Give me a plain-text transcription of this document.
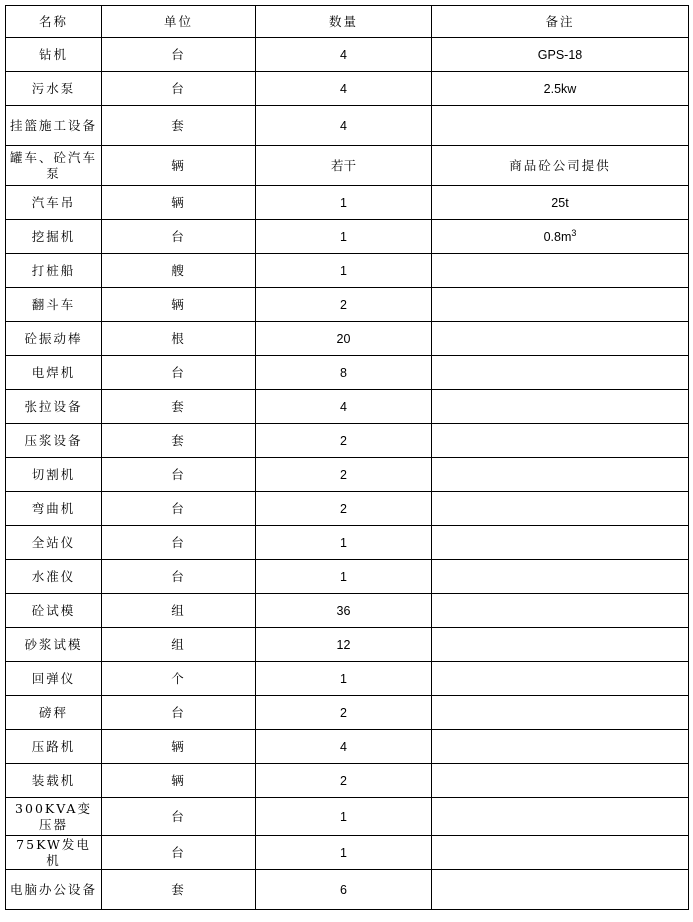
名称	单位	数量	备注
钻机	台	4	GPS-18
污水泵	台	4	2.5kw
挂篮施工设备	套	4	
罐车、砼汽车泵	辆	若干	商品砼公司提供
汽车吊	辆	1	25t
挖掘机	台	1	$0.8m^3$
打桩船	艘	1	
翻斗车	辆	2	
砼振动棒	根	20	
电焊机	台	8	
张拉设备	套	4	
压浆设备	套	2	
切割机	台	2	
弯曲机	台	2	
全站仪	台	1	
水准仪	台	1	
砼试模	组	36	
砂浆试模	组	12	
回弹仪	个	1	
磅秤	台	2	
压路机	辆	4	
装载机	辆	2	
300KVA变压器	台	1	
75KW发电机	台	1	
电脑办公设备	套	6	
